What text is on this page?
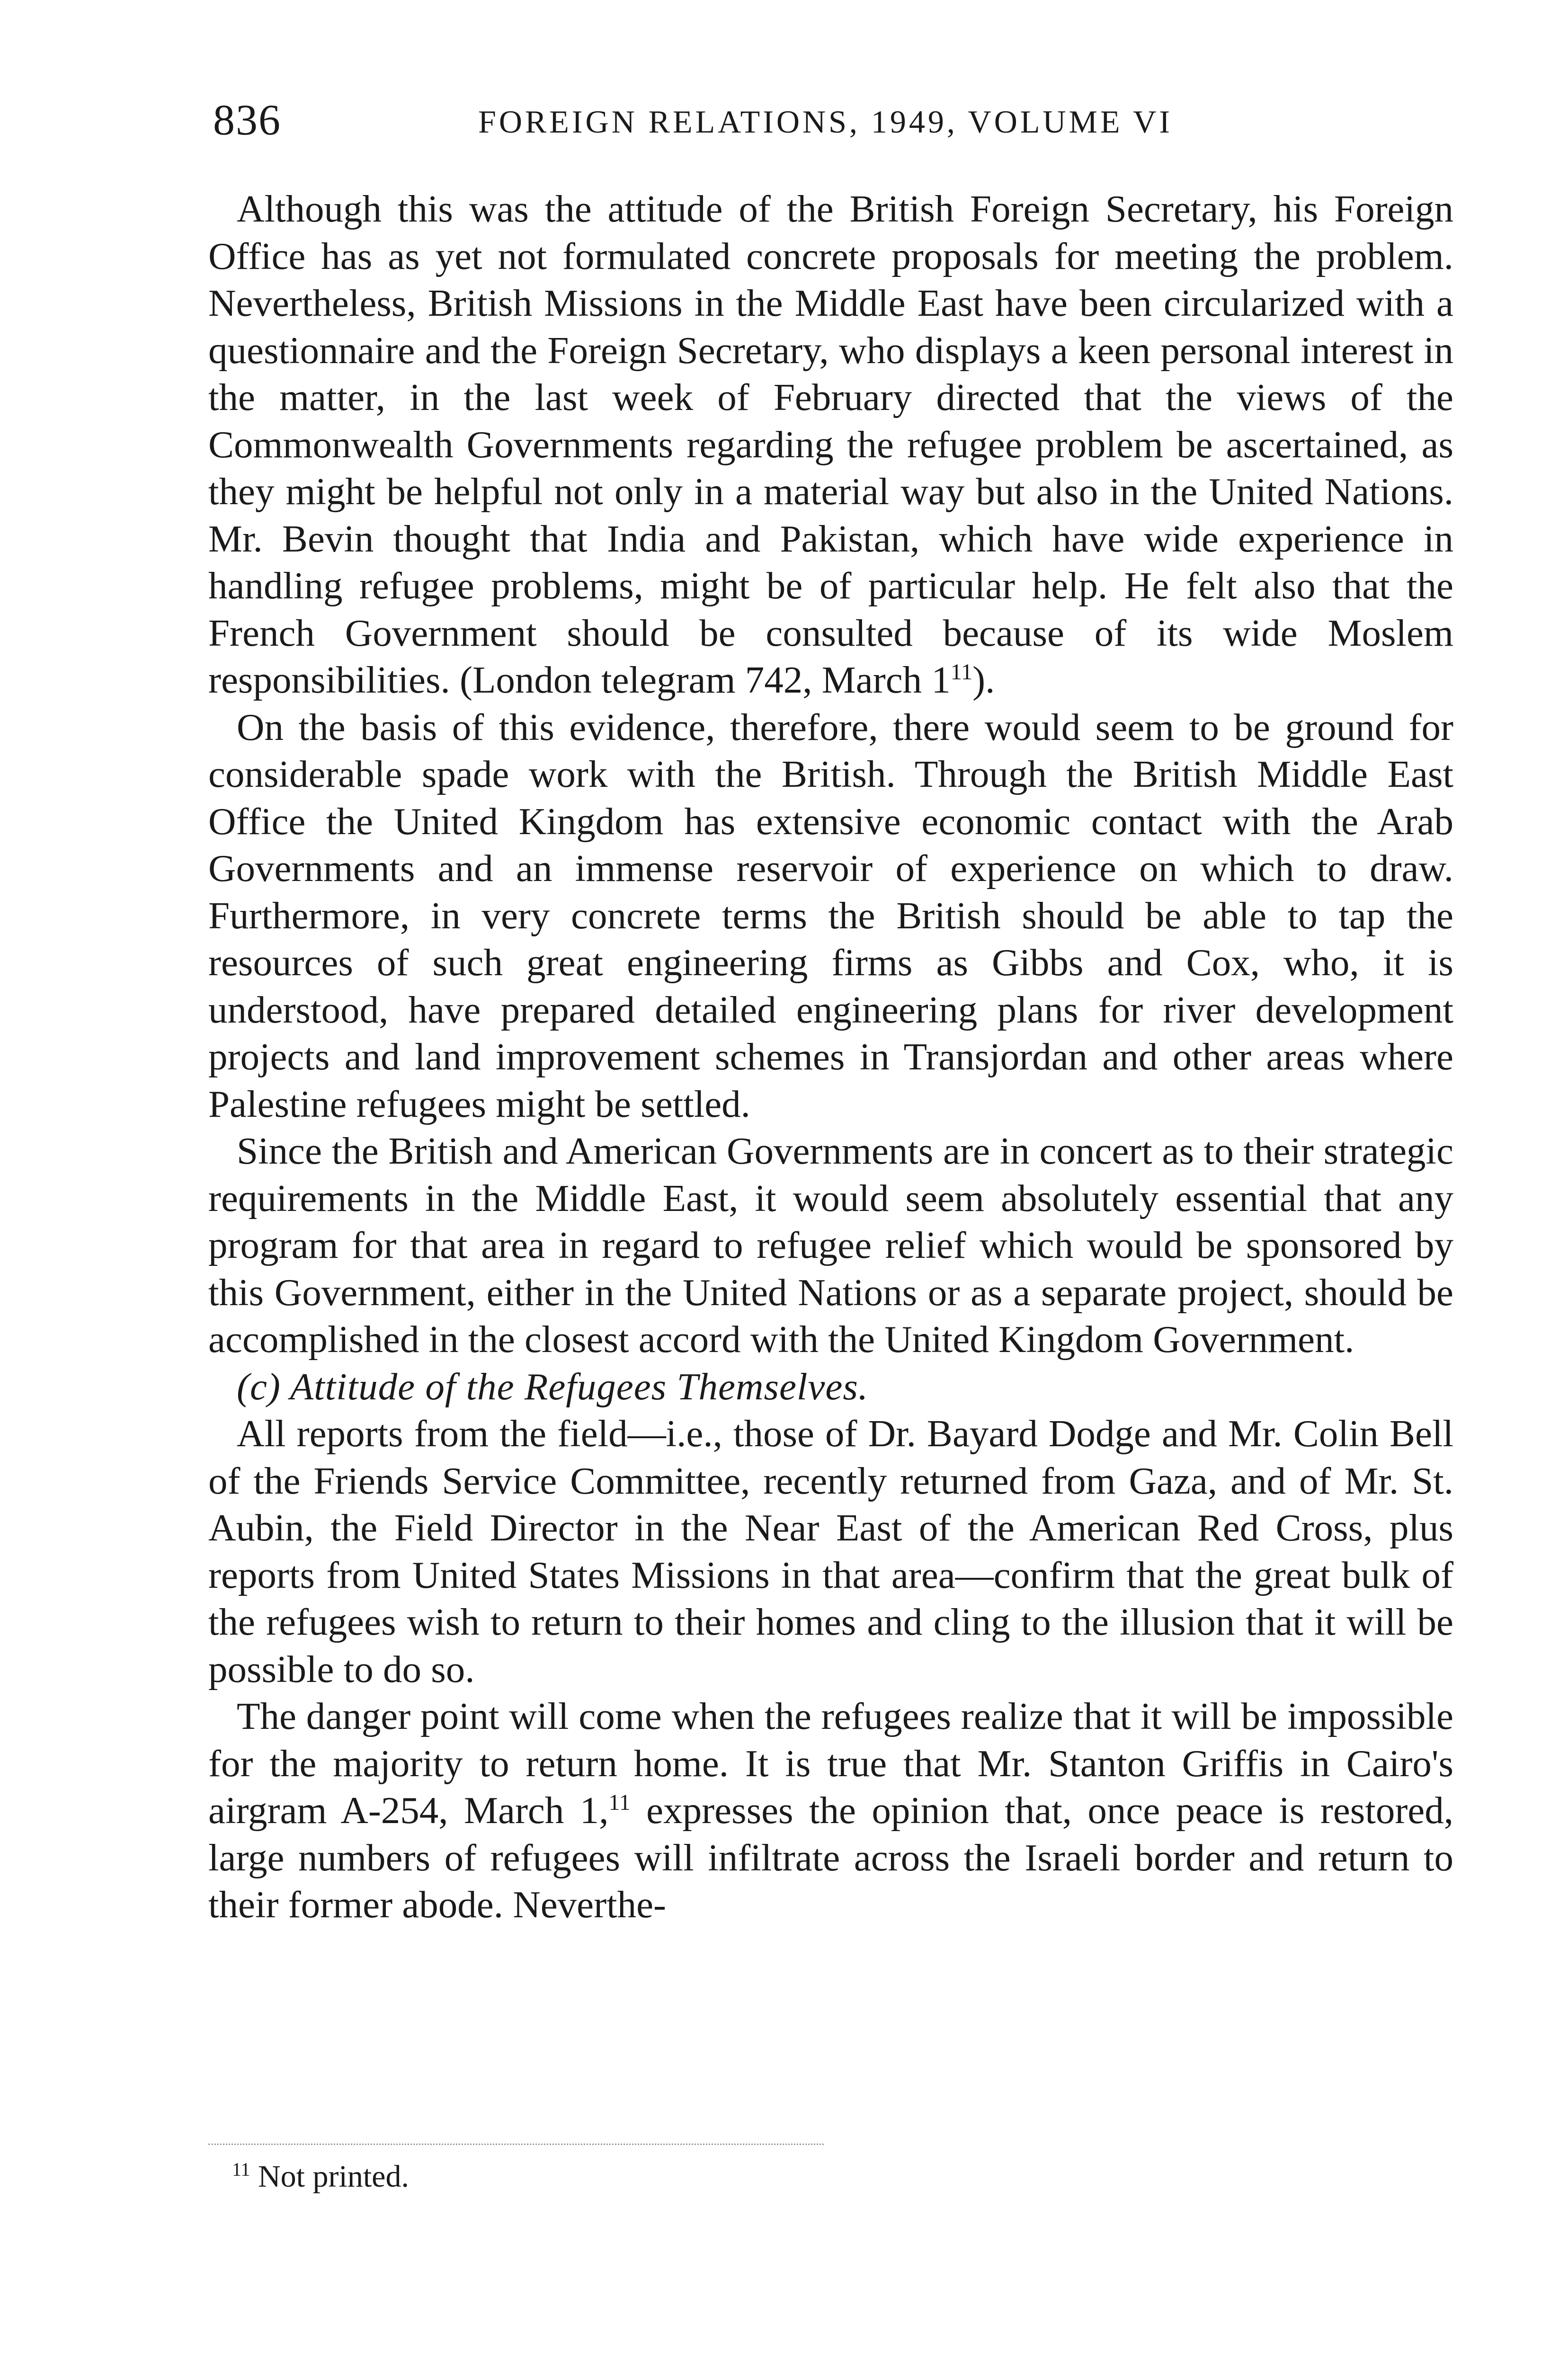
836	FOREIGN RELATIONS, 1949, VOLUME VI

Although this was the attitude of the British Foreign Secretary, his Foreign Office has as yet not formulated concrete proposals for meeting the problem. Nevertheless, British Missions in the Middle East have been circularized with a questionnaire and the Foreign Secretary, who displays a keen personal interest in the matter, in the last week of February directed that the views of the Commonwealth Governments regarding the refugee problem be ascertained, as they might be helpful not only in a material way but also in the United Nations. Mr. Bevin thought that India and Pakistan, which have wide experience in handling refugee problems, might be of particular help. He felt also that the French Government should be consulted because of its wide Moslem responsibilities. (London telegram 742, March $1^{11}$).

On the basis of this evidence, therefore, there would seem to be ground for considerable spade work with the British. Through the British Middle East Office the United Kingdom has extensive economic contact with the Arab Governments and an immense reservoir of experience on which to draw. Furthermore, in very concrete terms the British should be able to tap the resources of such great engineering firms as Gibbs and Cox, who, it is understood, have prepared detailed engineering plans for river development projects and land improvement schemes in Transjordan and other areas where Palestine refugees might be settled.

Since the British and American Governments are in concert as to their strategic requirements in the Middle East, it would seem absolutely essential that any program for that area in regard to refugee relief which would be sponsored by this Government, either in the United Nations or as a separate project, should be accomplished in the closest accord with the United Kingdom Government.

(c) Attitude of the Refugees Themselves.

All reports from the field—i.e., those of Dr. Bayard Dodge and Mr. Colin Bell of the Friends Service Committee, recently returned from Gaza, and of Mr. St. Aubin, the Field Director in the Near East of the American Red Cross, plus reports from United States Missions in that area—confirm that the great bulk of the refugees wish to return to their homes and cling to the illusion that it will be possible to do so.

The danger point will come when the refugees realize that it will be impossible for the majority to return home. It is true that Mr. Stanton Griffis in Cairo's airgram A-254, March 1,11 expresses the opinion that, once peace is restored, large numbers of refugees will infiltrate across the Israeli border and return to their former abode. Neverthe-

$^{11}$ Not printed.
